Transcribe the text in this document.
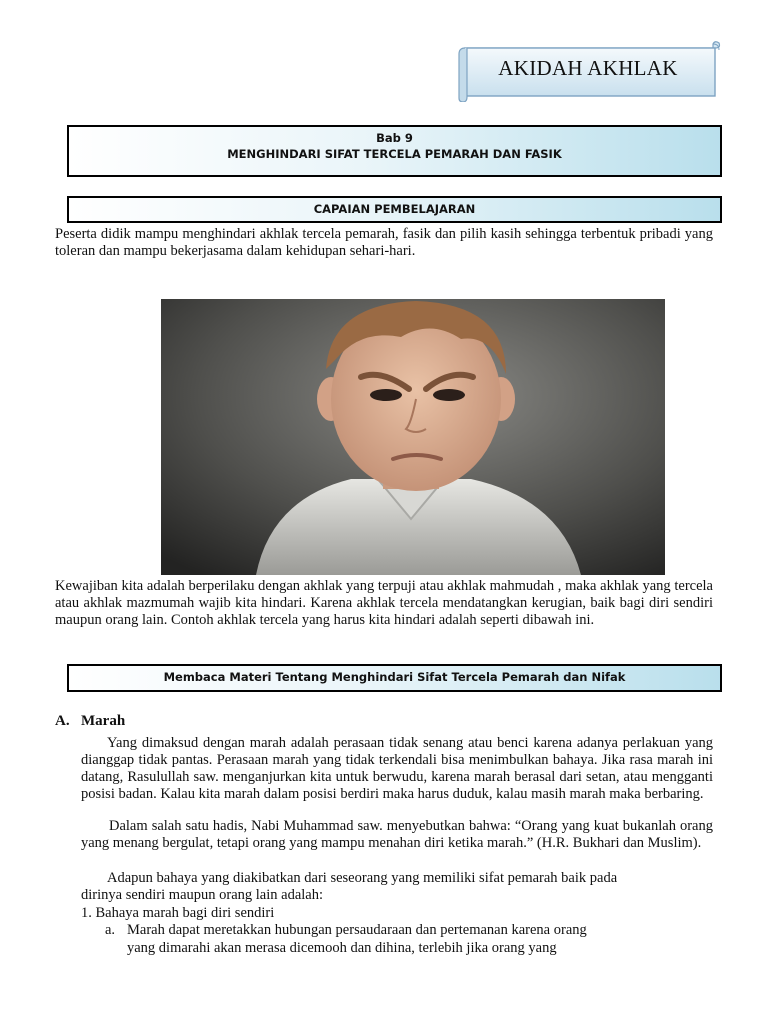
AKIDAH AKHLAK
Bab 9
MENGHINDARI SIFAT TERCELA PEMARAH DAN FASIK
CAPAIAN PEMBELAJARAN
Peserta didik mampu menghindari akhlak tercela pemarah, fasik dan pilih kasih sehingga terbentuk pribadi yang toleran dan mampu bekerjasama dalam kehidupan sehari-hari.
Kewajiban kita adalah berperilaku dengan akhlak yang terpuji atau akhlak mahmudah , maka akhlak yang tercela atau akhlak mazmumah wajib kita hindari. Karena akhlak tercela mendatangkan kerugian, baik bagi diri sendiri maupun orang lain. Contoh akhlak tercela yang harus kita hindari adalah seperti dibawah ini.
Membaca Materi Tentang Menghindari Sifat Tercela Pemarah dan Nifak
A. Marah
Yang dimaksud dengan marah adalah perasaan tidak senang atau benci karena adanya perlakuan yang dianggap tidak pantas. Perasaan marah yang tidak terkendali bisa menimbulkan bahaya. Jika rasa marah ini datang, Rasulullah saw. menganjurkan kita untuk berwudu, karena marah berasal dari setan, atau mengganti posisi badan. Kalau kita marah dalam posisi berdiri maka harus duduk, kalau masih marah maka berbaring.
Dalam salah satu hadis, Nabi Muhammad saw. menyebutkan bahwa: “Orang yang kuat bukanlah orang yang menang bergulat, tetapi orang yang mampu menahan diri ketika marah.” (H.R. Bukhari dan Muslim).
Adapun bahaya yang diakibatkan dari seseorang yang memiliki sifat pemarah baik pada
dirinya sendiri maupun orang lain adalah:
1. Bahaya marah bagi diri sendiri
a. Marah dapat meretakkan hubungan persaudaraan dan pertemanan karena orang
yang dimarahi akan merasa dicemooh dan dihina, terlebih jika orang yang
